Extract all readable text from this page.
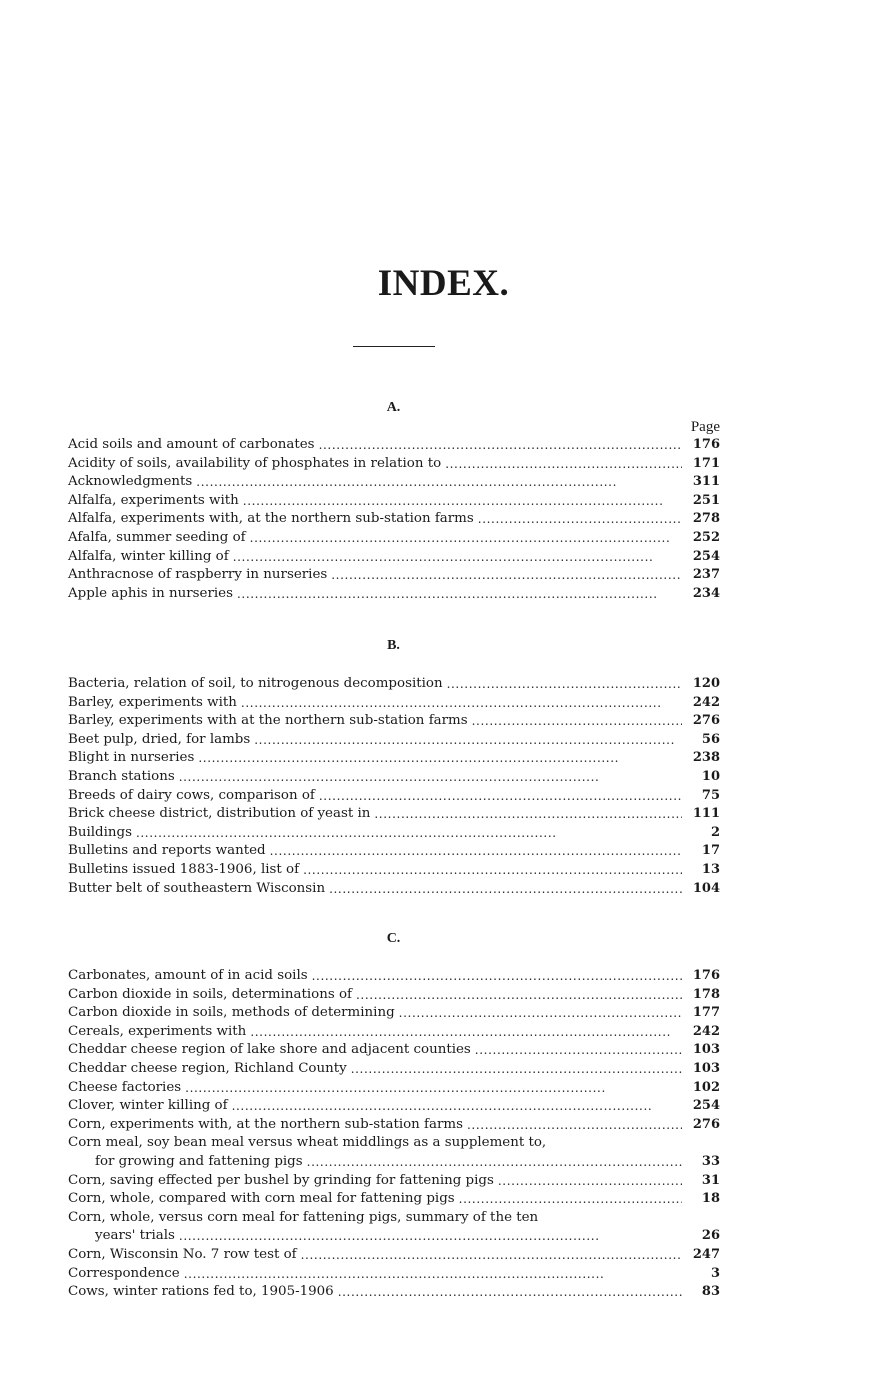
INDEX.
A.
Page
Acid soils and amount of carbonates . . .	176
Acidity of soils, availability of phosphates in relation to . . .	171
Acknowledgments . . .	311
Alfalfa, experiments with . . .	251
Alfalfa, experiments with, at the northern sub-station farms . . .	278
Afalfa, summer seeding of . . .	252
Alfalfa, winter killing of . . .	254
Anthracnose of raspberry in nurseries . . .	237
Apple aphis in nurseries . . .	234
B.
Bacteria, relation of soil, to nitrogenous decomposition . . .	120
Barley, experiments with . . .	242
Barley, experiments with at the northern sub-station farms . . .	276
Beet pulp, dried, for lambs . . .	56
Blight in nurseries . . .	238
Branch stations . . .	10
Breeds of dairy cows, comparison of . . .	75
Brick cheese district, distribution of yeast in . . .	111
Buildings . . .	2
Bulletins and reports wanted . . .	17
Bulletins issued 1883-1906, list of . . .	13
Butter belt of southeastern Wisconsin . . .	104
C.
Carbonates, amount of in acid soils . . .	176
Carbon dioxide in soils, determinations of . . .	178
Carbon dioxide in soils, methods of determining . . .	177
Cereals, experiments with . . .	242
Cheddar cheese region of lake shore and adjacent counties . . .	103
Cheddar cheese region, Richland County . . .	103
Cheese factories . . .	102
Clover, winter killing of . . .	254
Corn, experiments with, at the northern sub-station farms . . .	276
Corn meal, soy bean meal versus wheat middlings as a supplement to,
for growing and fattening pigs . . .	33
Corn, saving effected per bushel by grinding for fattening pigs . . .	31
Corn, whole, compared with corn meal for fattening pigs . . .	18
Corn, whole, versus corn meal for fattening pigs, summary of the ten
years' trials . . .	26
Corn, Wisconsin No. 7 row test of . . .	247
Correspondence . . .	3
Cows, winter rations fed to, 1905-1906 . . .	83
